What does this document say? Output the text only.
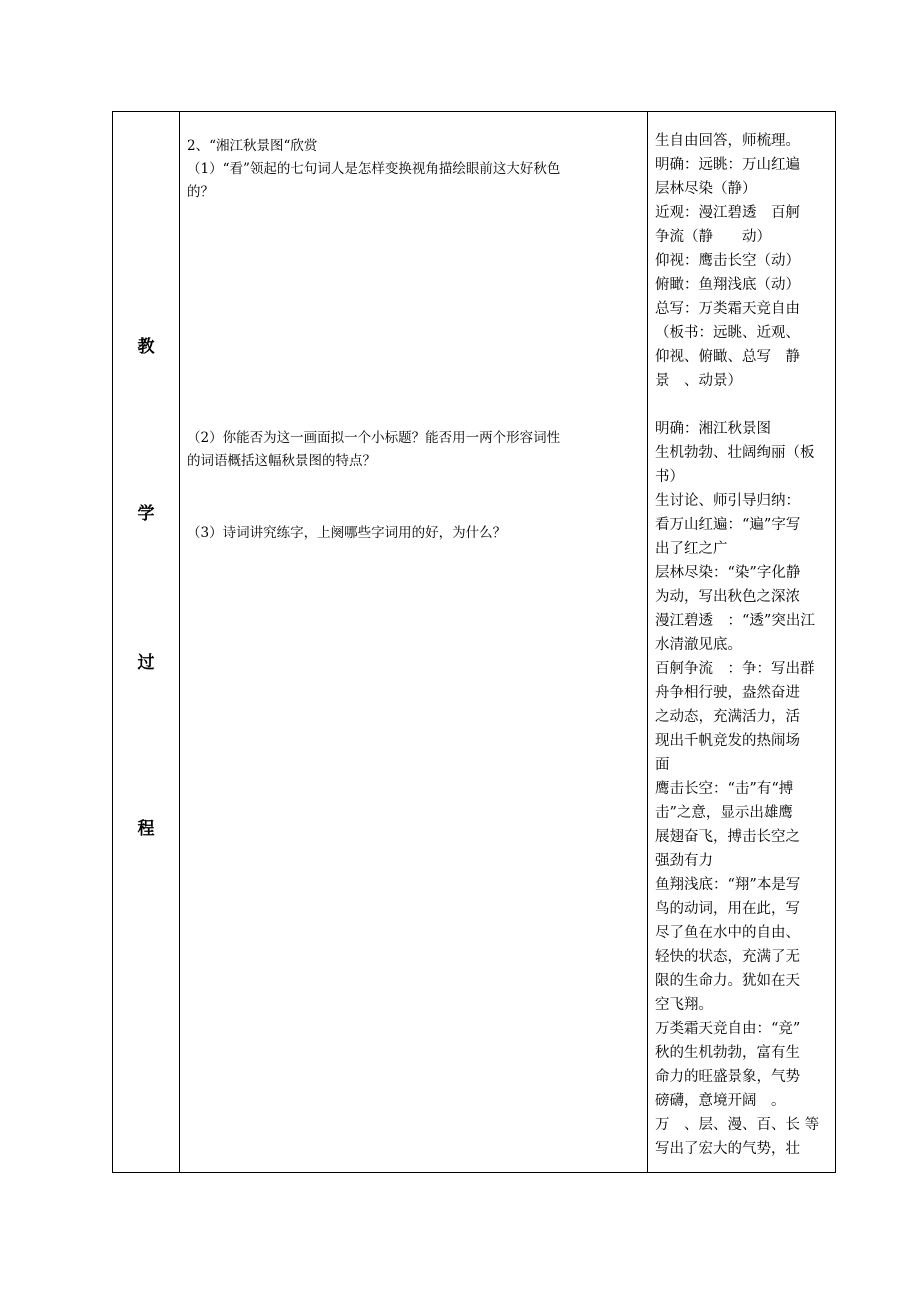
教
学
过
程

2、“湘江秋景图“欣赏

（1）“看”领起的七句词人是怎样变换视角描绘眼前这大好秋色

的？

（2）你能否为这一画面拟一个小标题？能否用一两个形容词性

的词语概括这幅秋景图的特点？

（3）诗词讲究练字，上阕哪些字词用的好，为什么？

生自由回答，师梳理。

明确：远眺：万山红遍

层林尽染（静）

近观：漫江碧透　百舸

争流（静　　动）

仰视：鹰击长空（动）

俯瞰：鱼翔浅底（动）

总写：万类霜天竞自由

（板书：远眺、近观、

仰视、俯瞰、总写　静

景　、动景）

明确：湘江秋景图

生机勃勃、壮阔绚丽（板

书）

生讨论、师引导归纳：

看万山红遍：“遍”字写

出了红之广

层林尽染：“染”字化静

为动，写出秋色之深浓

漫江碧透　：“透”突出江

水清澈见底。

百舸争流　：争：写出群

舟争相行驶，盎然奋进

之动态，充满活力，活

现出千帆竞发的热闹场

面

鹰击长空：“击”有“搏

击”之意，显示出雄鹰

展翅奋飞，搏击长空之

强劲有力

鱼翔浅底：“翔”本是写

鸟的动词，用在此，写

尽了鱼在水中的自由、

轻快的状态，充满了无

限的生命力。犹如在天

空飞翔。

万类霜天竞自由：“竞”

秋的生机勃勃，富有生

命力的旺盛景象，气势

磅礴，意境开阔　。

万　、层、漫、百、长 等

写出了宏大的气势，壮
